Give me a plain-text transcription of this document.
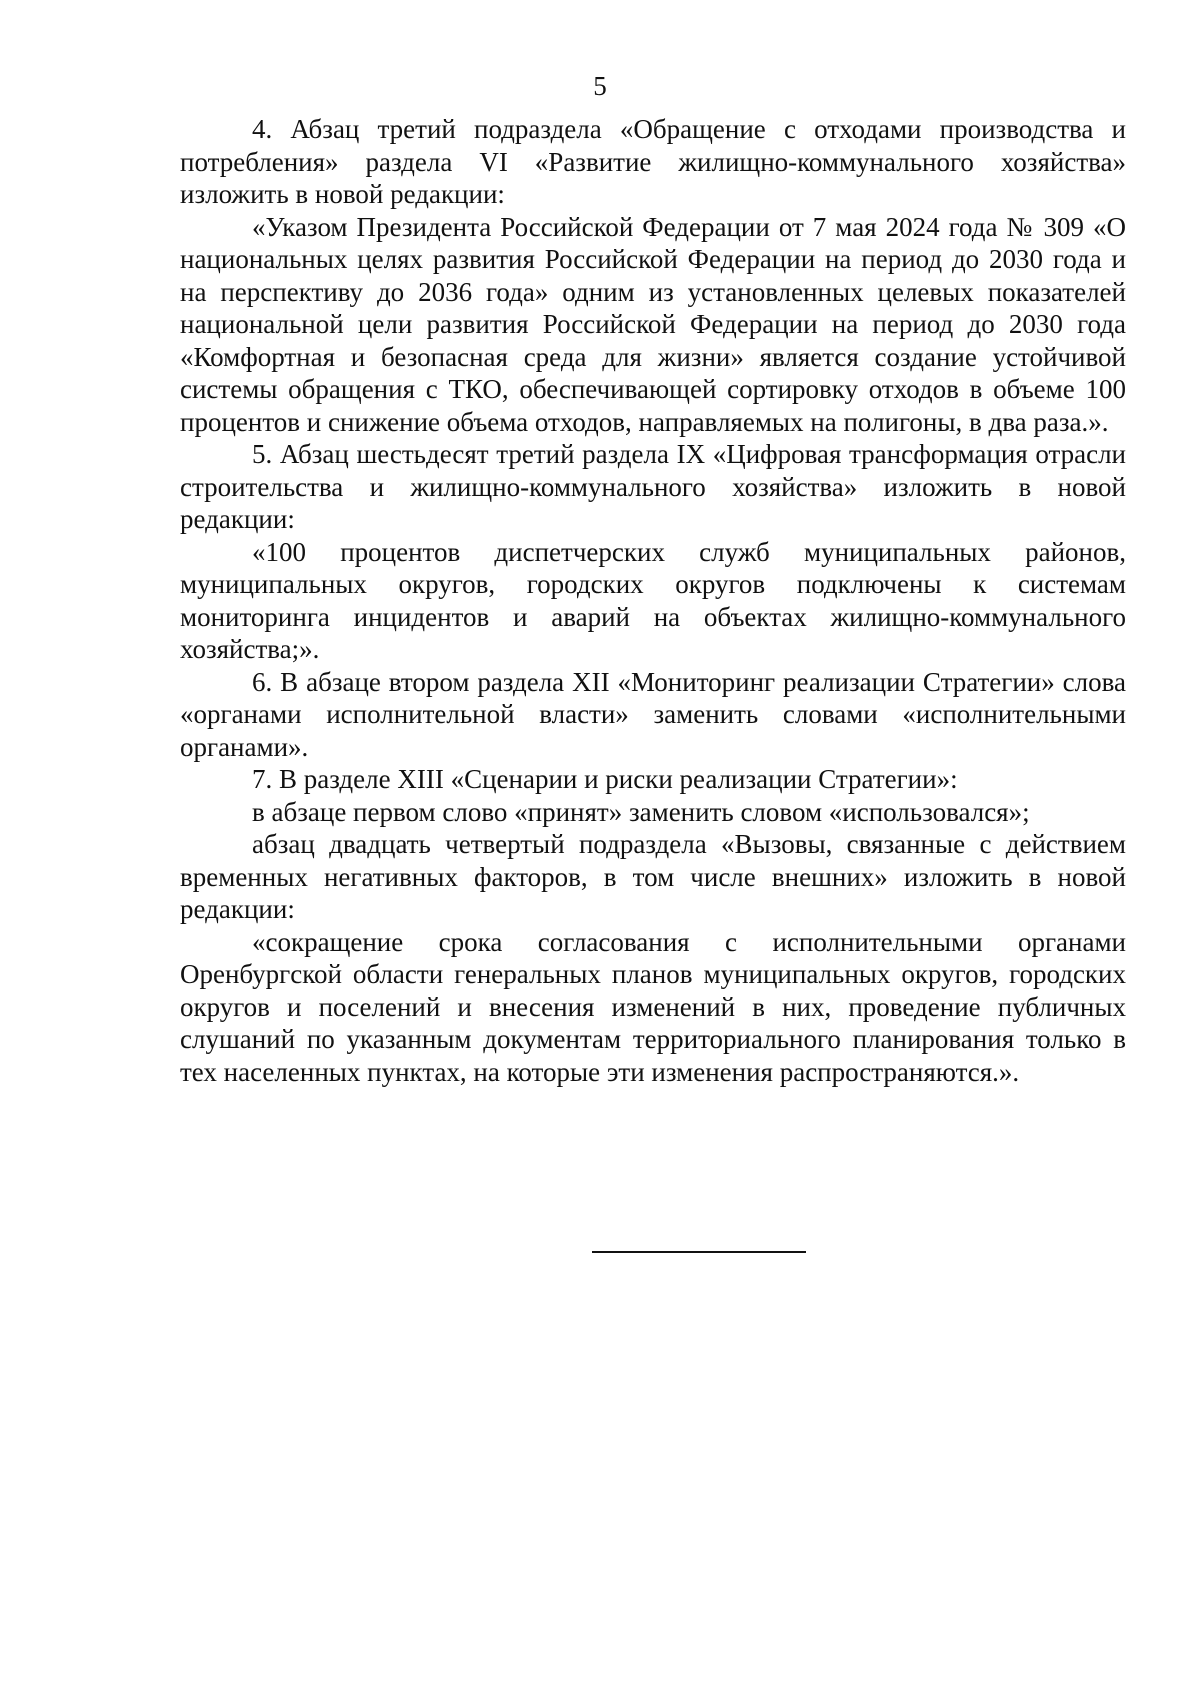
5

4. Абзац третий подраздела «Обращение с отходами производства и потребления» раздела VI «Развитие жилищно-коммунального хозяйства» изложить в новой редакции:

«Указом Президента Российской Федерации от 7 мая 2024 года № 309 «О национальных целях развития Российской Федерации на период до 2030 года и на перспективу до 2036 года» одним из установленных целевых показателей национальной цели развития Российской Федерации на период до 2030 года «Комфортная и безопасная среда для жизни» является создание устойчивой системы обращения с ТКО, обеспечивающей сортировку отходов в объеме 100 процентов и снижение объема отходов, направляемых на полигоны, в два раза.».

5. Абзац шестьдесят третий раздела IX «Цифровая трансформация отрасли строительства и жилищно-коммунального хозяйства» изложить в новой редакции:

«100 процентов диспетчерских служб муниципальных районов, муниципальных округов, городских округов подключены к системам мониторинга инцидентов и аварий на объектах жилищно-коммунального хозяйства;».

6. В абзаце втором раздела XII «Мониторинг реализации Стратегии» слова «органами исполнительной власти» заменить словами «исполнительными органами».

7. В разделе XIII «Сценарии и риски реализации Стратегии»:

в абзаце первом слово «принят» заменить словом «использовался»;

абзац двадцать четвертый подраздела «Вызовы, связанные с действием временных негативных факторов, в том числе внешних» изложить в новой редакции:

«сокращение срока согласования с исполнительными органами Оренбургской области генеральных планов муниципальных округов, городских округов и поселений и внесения изменений в них, проведение публичных слушаний по указанным документам территориального планирования только в тех населенных пунктах, на которые эти изменения распространяются.».
